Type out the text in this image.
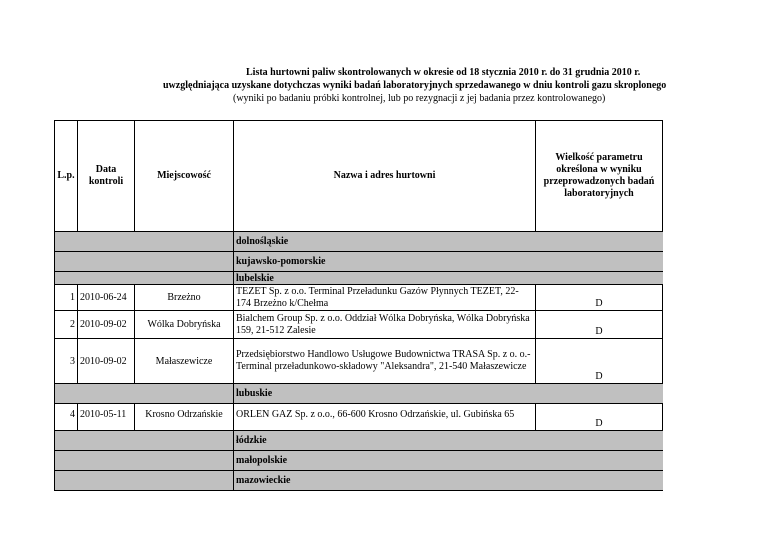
Lista hurtowni paliw skontrolowanych w okresie od 18 stycznia 2010 r. do 31 grudnia 2010 r.
uwzględniająca uzyskane dotychczas wyniki badań laboratoryjnych sprzedawanego w dniu kontroli gazu skroplonego
(wyniki po badaniu próbki kontrolnej, lub po rezygnacji z jej badania przez kontrolowanego)
L.p.	Data kontroli	Miejscowość	Nazwa i adres hurtowni	Wielkość parametru określona w wyniku przeprowadzonych badań laboratoryjnych
			dolnośląskie	
			kujawsko-pomorskie	
			lubelskie	
1	2010-06-24	Brzeżno	TEZET Sp. z o.o. Terminal Przeładunku Gazów Płynnych TEZET, 22-174 Brzeżno k/Chełma	D
2	2010-09-02	Wólka Dobryńska	Bialchem Group Sp. z o.o. Oddział Wólka Dobryńska, Wólka Dobryńska 159, 21-512 Zalesie	D
3	2010-09-02	Małaszewicze	Przedsiębiorstwo Handlowo Usługowe Budownictwa TRASA Sp. z o. o.- Terminal przeładunkowo-składowy "Aleksandra", 21-540 Małaszewicze	D
			lubuskie	
4	2010-05-11	Krosno Odrzańskie	ORLEN GAZ Sp. z o.o., 66-600 Krosno Odrzańskie, ul. Gubińska 65	D
			łódzkie	
			małopolskie	
			mazowieckie	
